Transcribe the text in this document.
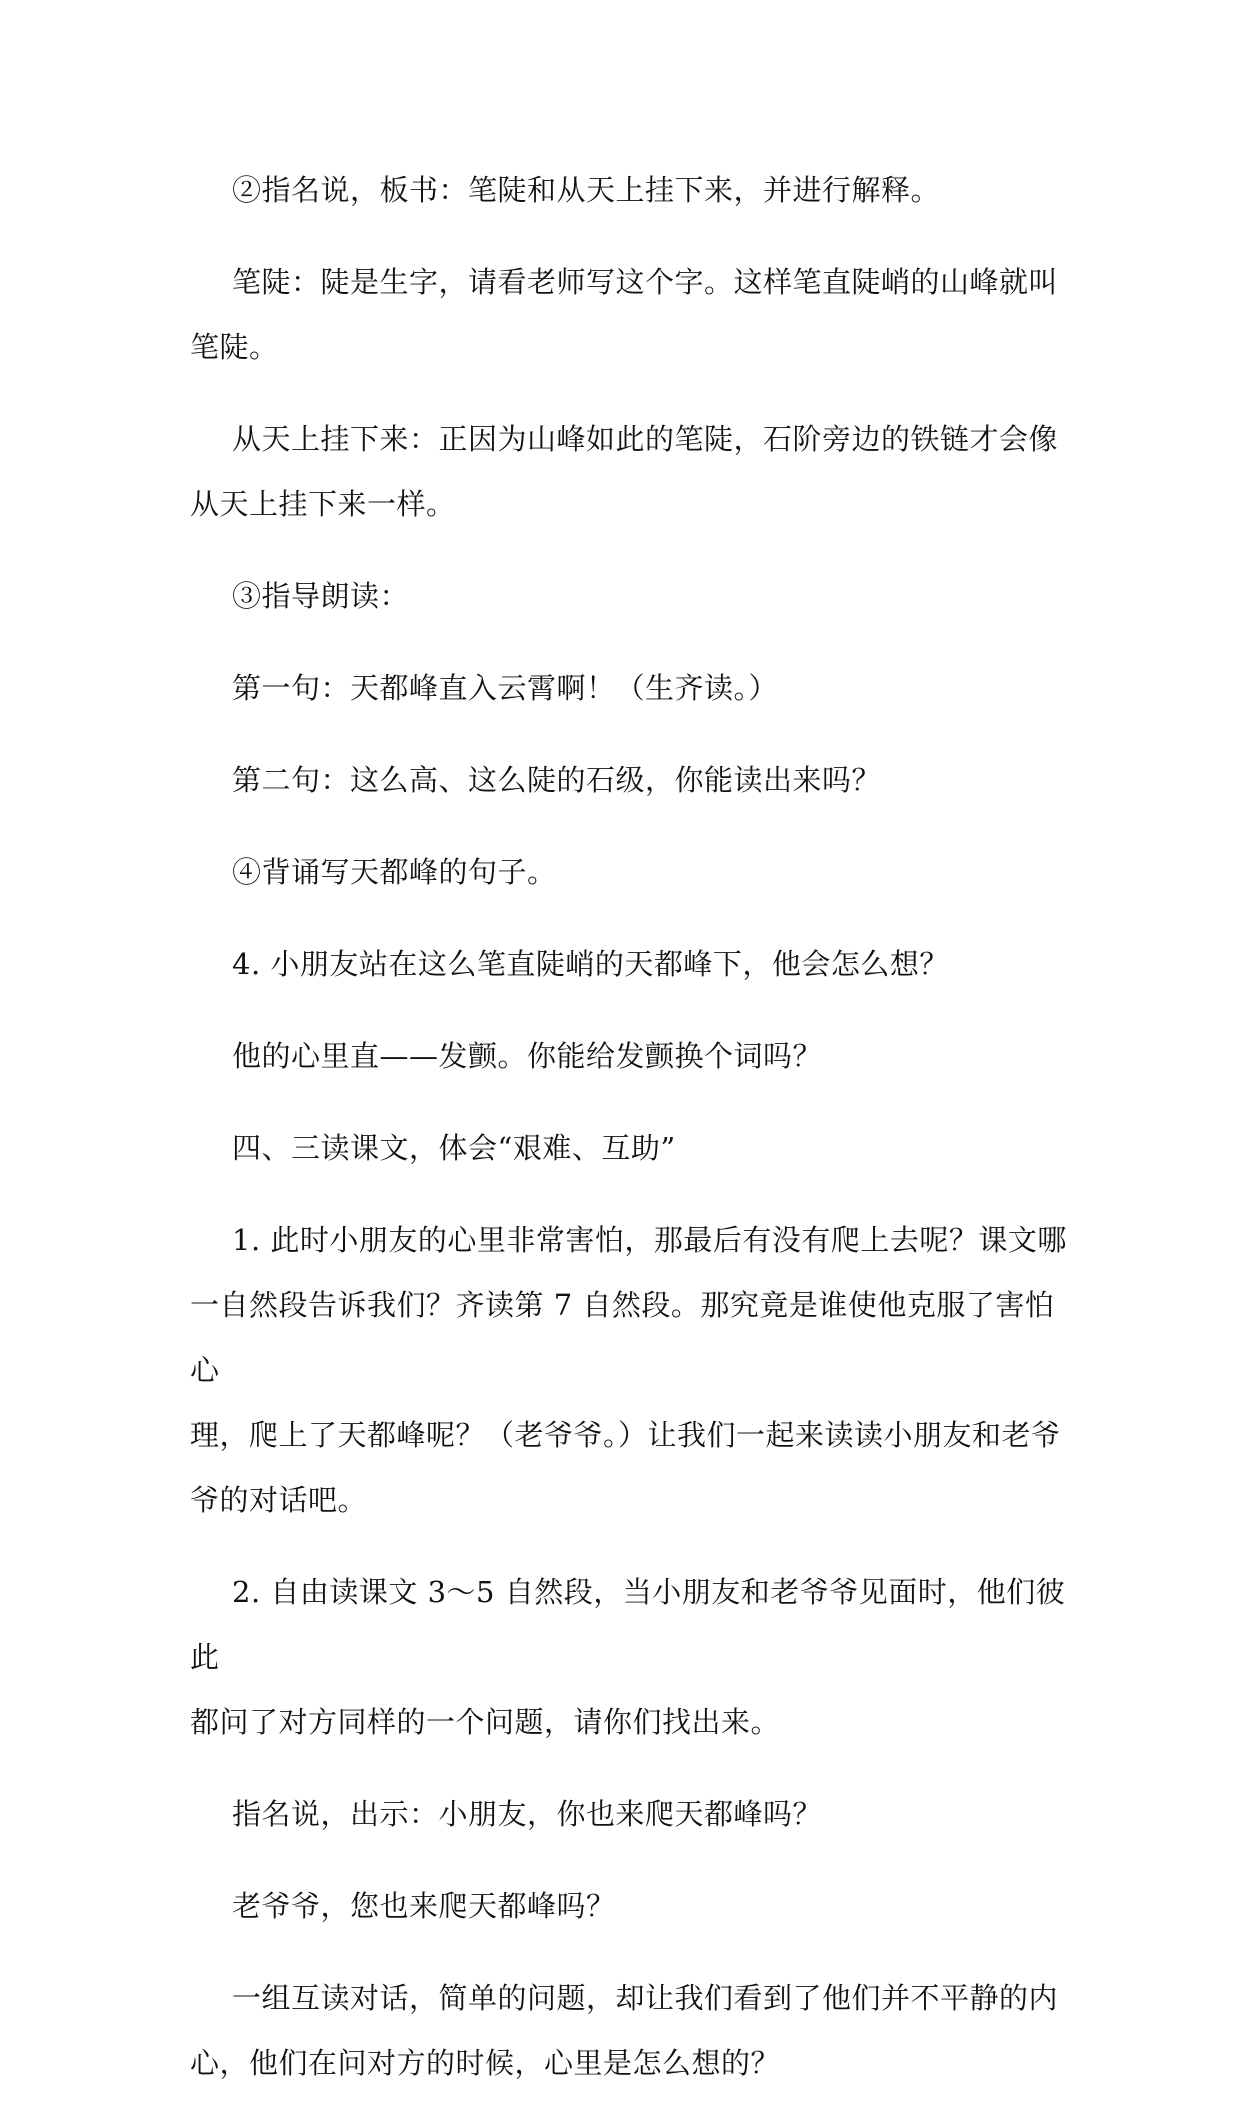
②指名说，板书：笔陡和从天上挂下来，并进行解释。

笔陡：陡是生字，请看老师写这个字。这样笔直陡峭的山峰就叫
笔陡。

从天上挂下来：正因为山峰如此的笔陡，石阶旁边的铁链才会像
从天上挂下来一样。

③指导朗读：

第一句：天都峰直入云霄啊！（生齐读。）

第二句：这么高、这么陡的石级，你能读出来吗？

④背诵写天都峰的句子。

4. 小朋友站在这么笔直陡峭的天都峰下，他会怎么想？

他的心里直——发颤。你能给发颤换个词吗？

四、三读课文，体会“艰难、互助”

1. 此时小朋友的心里非常害怕，那最后有没有爬上去呢？课文哪
一自然段告诉我们？齐读第 7 自然段。那究竟是谁使他克服了害怕心
理，爬上了天都峰呢？（老爷爷。）让我们一起来读读小朋友和老爷
爷的对话吧。

2. 自由读课文 3～5 自然段，当小朋友和老爷爷见面时，他们彼此
都问了对方同样的一个问题，请你们找出来。

指名说，出示：小朋友，你也来爬天都峰吗？

老爷爷，您也来爬天都峰吗？

一组互读对话，简单的问题，却让我们看到了他们并不平静的内
心，他们在问对方的时候，心里是怎么想的？
